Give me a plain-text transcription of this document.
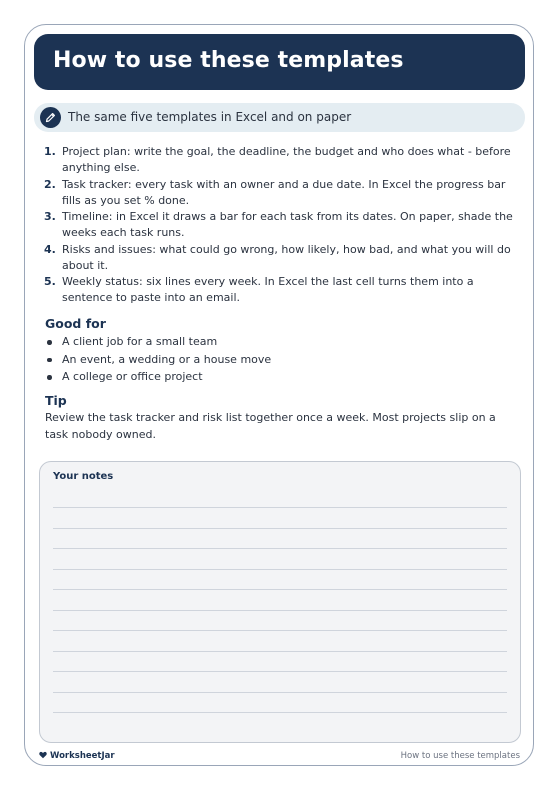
How to use these templates
The same five templates in Excel and on paper
1. Project plan: write the goal, the deadline, the budget and who does what - before anything else.
2. Task tracker: every task with an owner and a due date. In Excel the progress bar fills as you set % done.
3. Timeline: in Excel it draws a bar for each task from its dates. On paper, shade the weeks each task runs.
4. Risks and issues: what could go wrong, how likely, how bad, and what you will do about it.
5. Weekly status: six lines every week. In Excel the last cell turns them into a sentence to paste into an email.
Good for
A client job for a small team
An event, a wedding or a house move
A college or office project
Tip

Review the task tracker and risk list together once a week. Most projects slip on a task nobody owned.

Your notes
WorksheetJar	How to use these templates
